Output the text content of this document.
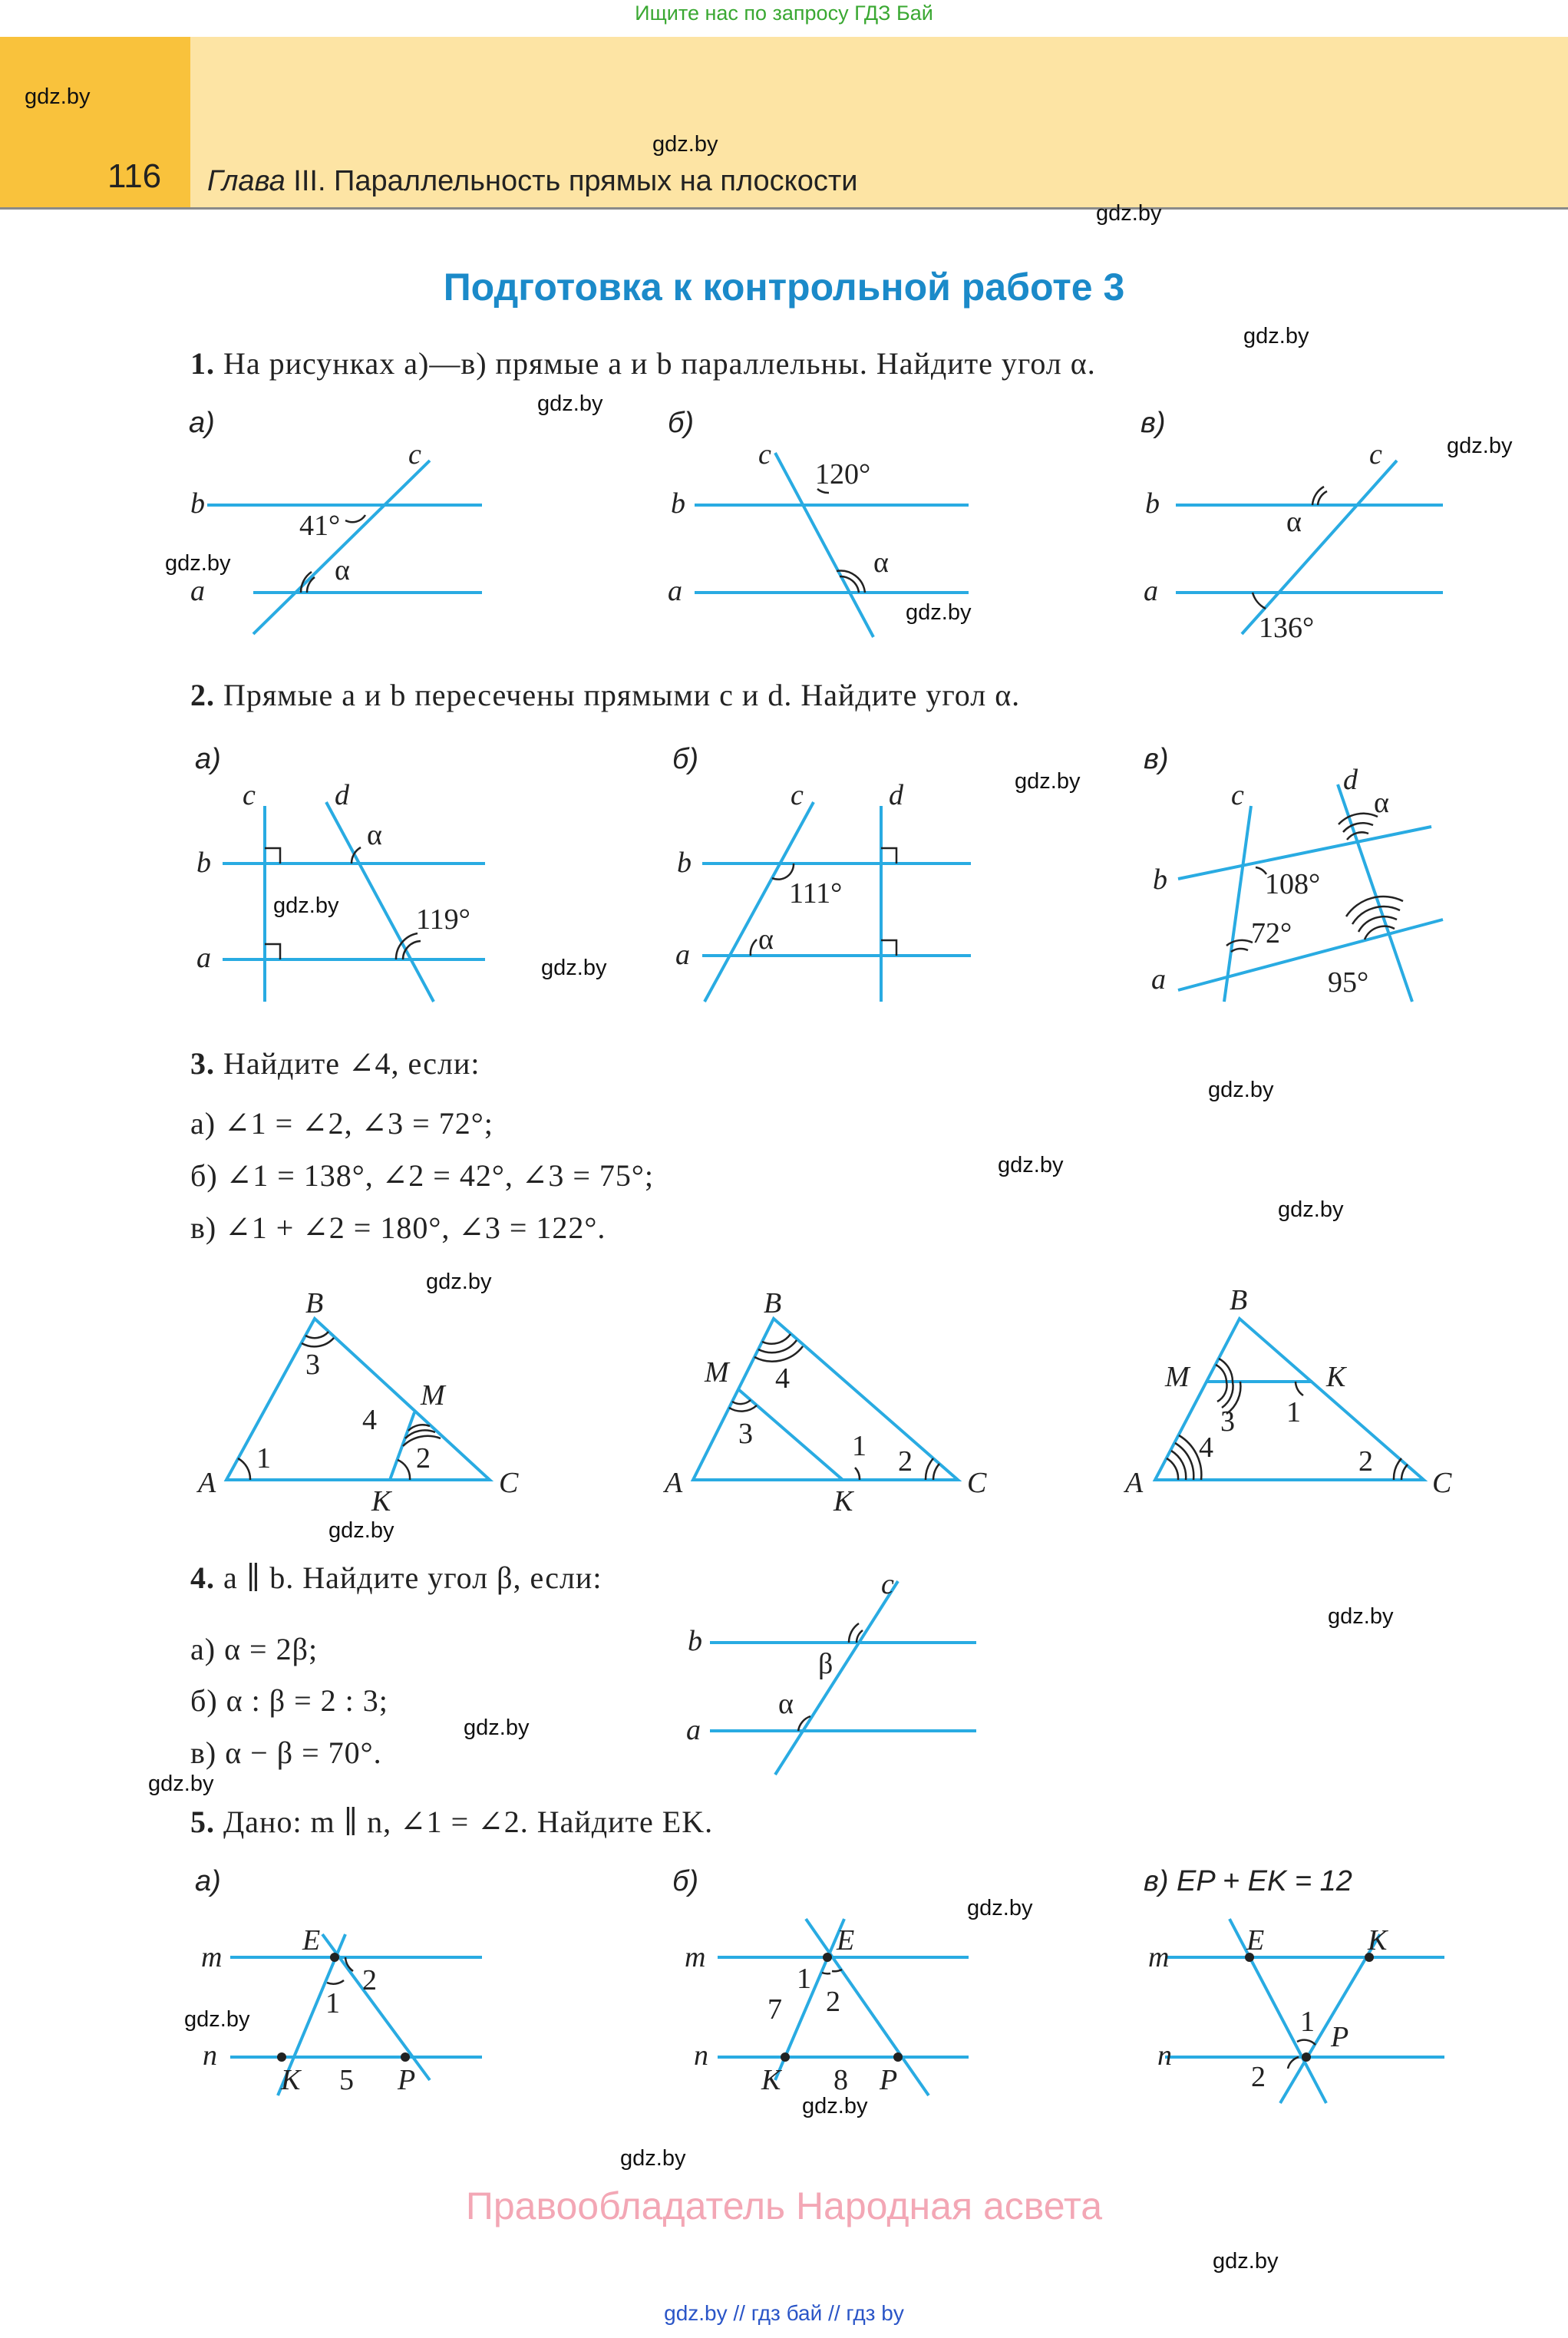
Ищите нас по запросу ГДЗ Бай
116 Глава III. Параллельность прямых на плоскости
gdz.by
gdz.by
gdz.by
gdz.by
gdz.by
gdz.by
gdz.by
gdz.by
gdz.by
gdz.by
gdz.by
gdz.by
gdz.by
gdz.by
gdz.by
gdz.by
gdz.by
gdz.by
gdz.by
gdz.by
gdz.by
gdz.by
gdz.by
gdz.by
Подготовка к контрольной работе 3
1. На рисунках а)—в) прямые a и b параллельны. Найдите угол α.
а)	б)	в)
2. Прямые a и b пересечены прямыми c и d. Найдите угол α.
а)	б)	в)
3. Найдите ∠4, если:
а) ∠1 = ∠2, ∠3 = 72°;
б) ∠1 = 138°, ∠2 = 42°, ∠3 = 75°;
в) ∠1 + ∠2 = 180°, ∠3 = 122°.
4. a ∥ b. Найдите угол β, если:
а) α = 2β;
б) α : β = 2 : 3;
в) α − β = 70°.
5. Дано: m ∥ n, ∠1 = ∠2. Найдите EK.
а)	б)	в) EP + EK = 12
b
a
c
41°
α
b
a
c
120°
α
b
a
c
α
136°
b
a
c	d
α
119°
b
a
c	d
111°
α
b
a
c	d
α
108°
72°
95°
A
B
C
K
M
1	2
3
4
A
B
C
K
M
1 2
3
4
A
B
C
K
M
1
2
3
4
b
a
c
α
β
m
n
E
K	P
1
2
5
m
n
E
K	P
1
2
7
8
m
n
E	K
P
1
2
Правообладатель Народная асвета
gdz.by // гдз бай // гдз by
